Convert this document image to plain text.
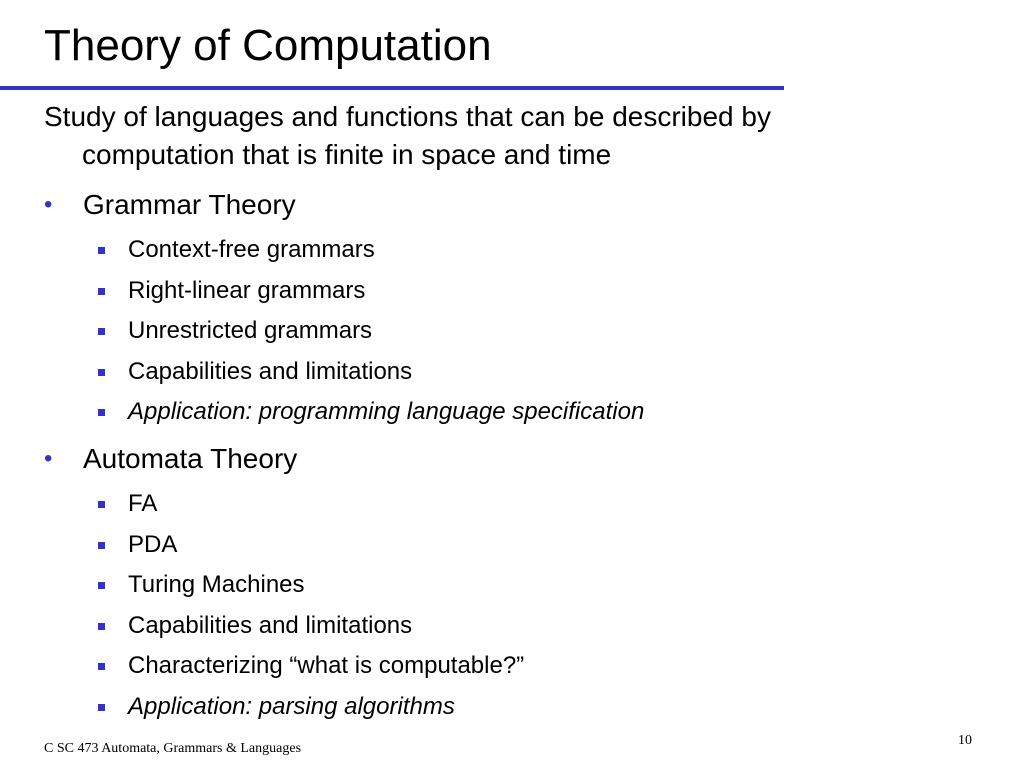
Theory of Computation

Study of languages and functions that can be described by
computation that is finite in space and time

•	Grammar Theory
Context-free grammars
Right-linear grammars
Unrestricted grammars
Capabilities and limitations
Application: programming language specification
•	Automata Theory
FA
PDA
Turing Machines
Capabilities and limitations
Characterizing “what is computable?”
Application: parsing algorithms
C SC 473 Automata, Grammars & Languages
10
